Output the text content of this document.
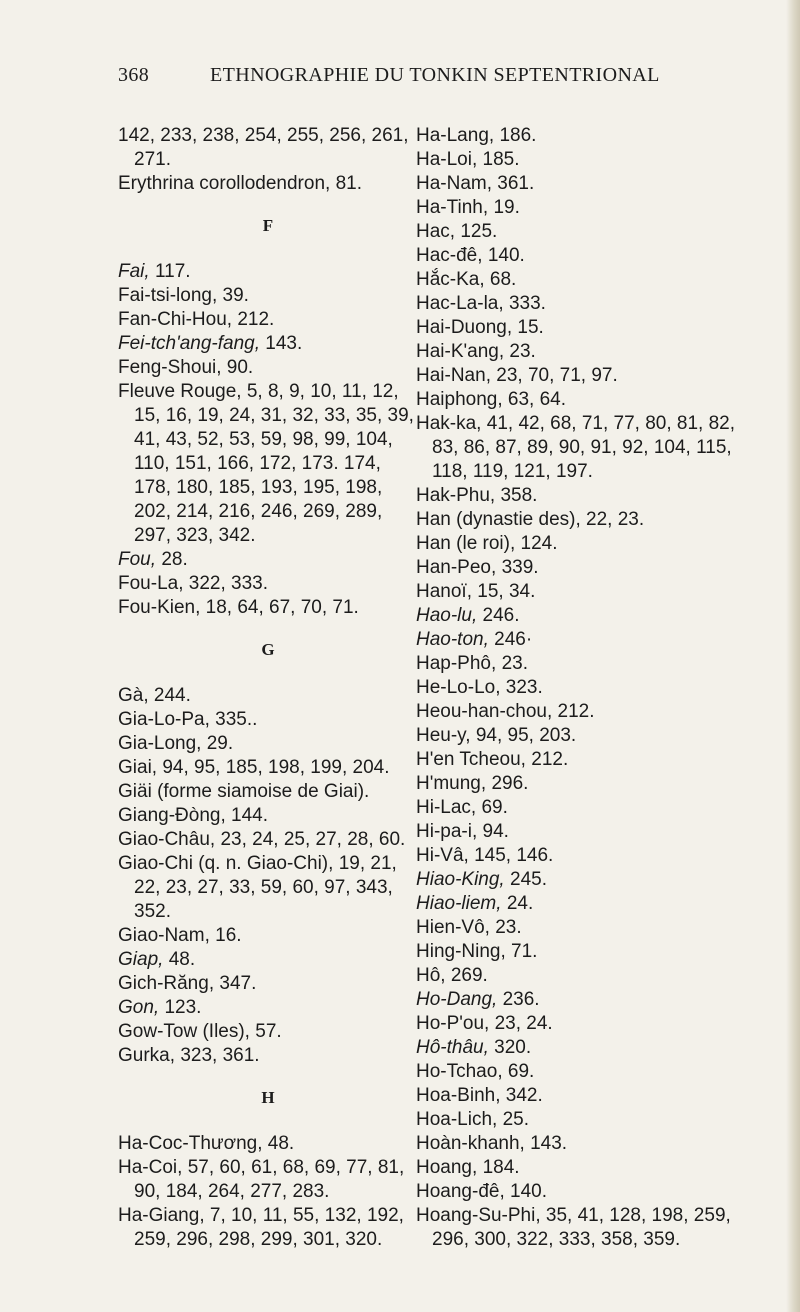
368	ETHNOGRAPHIE DU TONKIN SEPTENTRIONAL
142, 233, 238, 254, 255, 256, 261, 271.
Erythrina corollodendron, 81.
F
Fai, 117.
Fai-tsi-long, 39.
Fan-Chi-Hou, 212.
Fei-tch'ang-fang, 143.
Feng-Shoui, 90.
Fleuve Rouge, 5, 8, 9, 10, 11, 12, 15, 16, 19, 24, 31, 32, 33, 35, 39, 41, 43, 52, 53, 59, 98, 99, 104, 110, 151, 166, 172, 173. 174, 178, 180, 185, 193, 195, 198, 202, 214, 216, 246, 269, 289, 297, 323, 342.
Fou, 28.
Fou-La, 322, 333.
Fou-Kien, 18, 64, 67, 70, 71.
G
Gà, 244.
Gia-Lo-Pa, 335..
Gia-Long, 29.
Giai, 94, 95, 185, 198, 199, 204.
Giäi (forme siamoise de Giai).
Giang-Đòng, 144.
Giao-Châu, 23, 24, 25, 27, 28, 60.
Giao-Chi (q. n. Giao-Chi), 19, 21, 22, 23, 27, 33, 59, 60, 97, 343, 352.
Giao-Nam, 16.
Giap, 48.
Gich-Răng, 347.
Gon, 123.
Gow-Tow (Iles), 57.
Gurka, 323, 361.
H
Ha-Coc-Thương, 48.
Ha-Coi, 57, 60, 61, 68, 69, 77, 81, 90, 184, 264, 277, 283.
Ha-Giang, 7, 10, 11, 55, 132, 192, 259, 296, 298, 299, 301, 320.
Ha-Lang, 186.
Ha-Loi, 185.
Ha-Nam, 361.
Ha-Tinh, 19.
Hac, 125.
Hac-đê, 140.
Hắc-Ka, 68.
Hac-La-la, 333.
Hai-Duong, 15.
Hai-K'ang, 23.
Hai-Nan, 23, 70, 71, 97.
Haiphong, 63, 64.
Hak-ka, 41, 42, 68, 71, 77, 80, 81, 82, 83, 86, 87, 89, 90, 91, 92, 104, 115, 118, 119, 121, 197.
Hak-Phu, 358.
Han (dynastie des), 22, 23.
Han (le roi), 124.
Han-Peo, 339.
Hanoï, 15, 34.
Hao-lu, 246.
Hao-ton, 246·
Hap-Phô, 23.
He-Lo-Lo, 323.
Heou-han-chou, 212.
Heu-y, 94, 95, 203.
H'en Tcheou, 212.
H'mung, 296.
Hi-Lac, 69.
Hi-pa-i, 94.
Hi-Vâ, 145, 146.
Hiao-King, 245.
Hiao-liem, 24.
Hien-Vô, 23.
Hing-Ning, 71.
Hô, 269.
Ho-Dang, 236.
Ho-P'ou, 23, 24.
Hô-thâu, 320.
Ho-Tchao, 69.
Hoa-Binh, 342.
Hoa-Lich, 25.
Hoàn-khanh, 143.
Hoang, 184.
Hoang-đê, 140.
Hoang-Su-Phi, 35, 41, 128, 198, 259, 296, 300, 322, 333, 358, 359.
